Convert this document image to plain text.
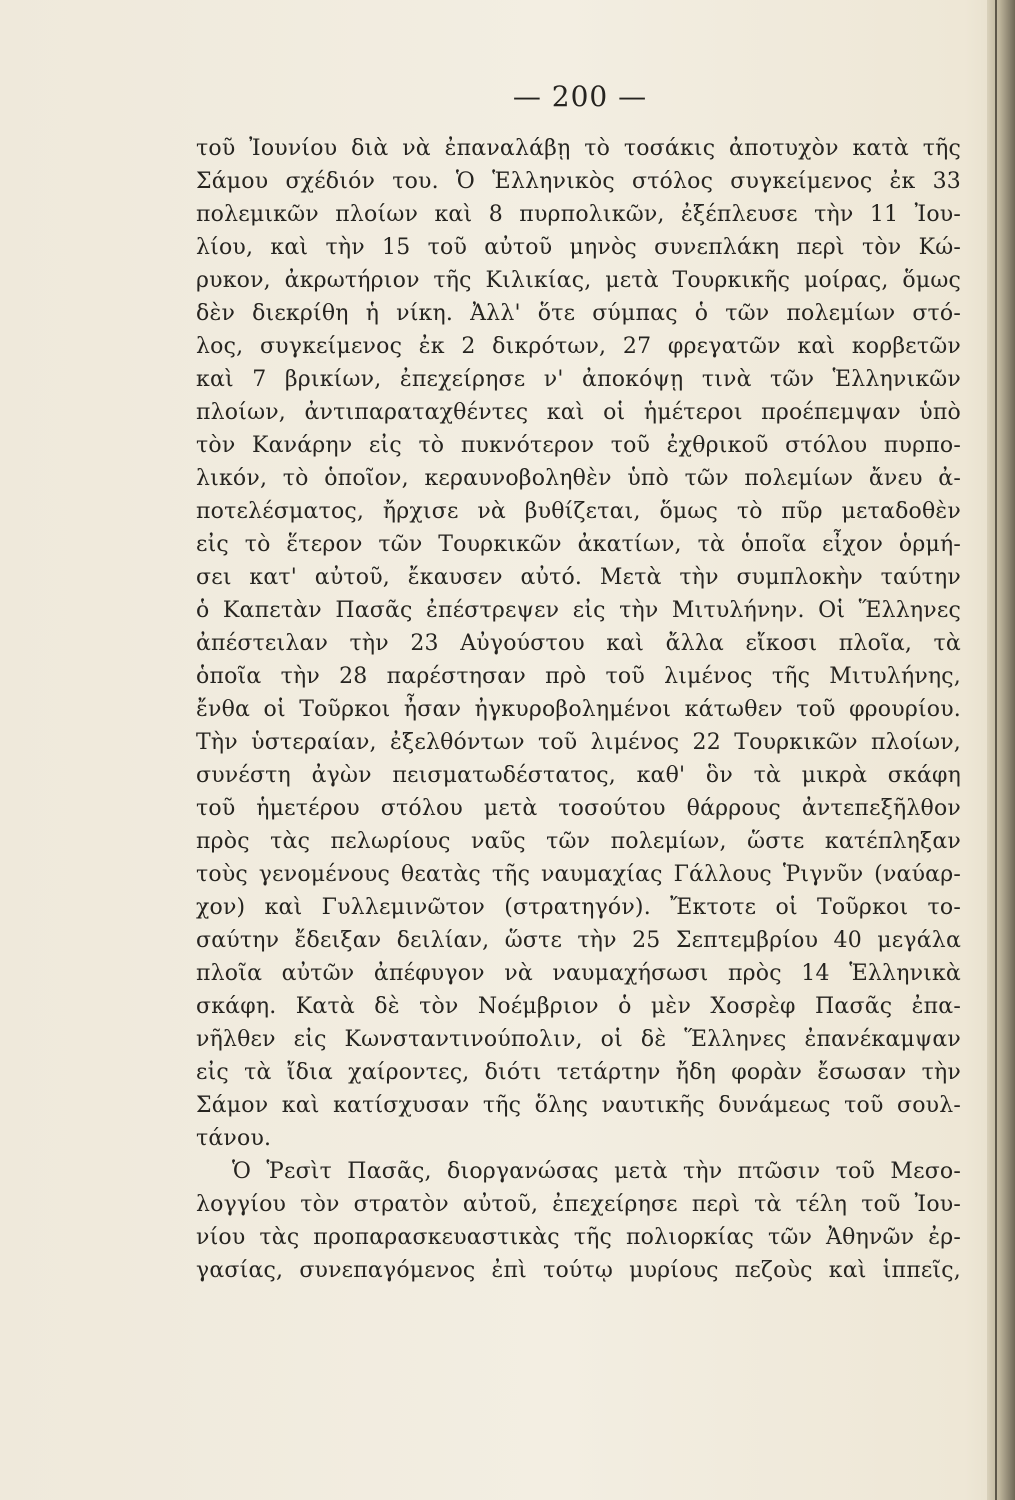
— 200 —
τοῦ Ἰουνίου διὰ νὰ ἐπαναλάβῃ τὸ τοσάκις ἀποτυχὸν κατὰ τῆς
Σάμου σχέδιόν του. Ὁ Ἑλληνικὸς στόλος συγκείμενος ἐκ 33
πολεμικῶν πλοίων καὶ 8 πυρπολικῶν, ἐξέπλευσε τὴν 11 Ἰου-
λίου, καὶ τὴν 15 τοῦ αὐτοῦ μηνὸς συνεπλάκη περὶ τὸν Κώ-
ρυκον, ἀκρωτήριον τῆς Κιλικίας, μετὰ Τουρκικῆς μοίρας, ὅμως
δὲν διεκρίθη ἡ νίκη. Ἀλλ' ὅτε σύμπας ὁ τῶν πολεμίων στό-
λος, συγκείμενος ἐκ 2 δικρότων, 27 φρεγατῶν καὶ κορβετῶν
καὶ 7 βρικίων, ἐπεχείρησε ν' ἀποκόψῃ τινὰ τῶν Ἑλληνικῶν
πλοίων, ἀντιπαραταχθέντες καὶ οἱ ἡμέτεροι προέπεμψαν ὑπὸ
τὸν Κανάρην εἰς τὸ πυκνότερον τοῦ ἐχθρικοῦ στόλου πυρπο-
λικόν, τὸ ὁποῖον, κεραυνοβοληθὲν ὑπὸ τῶν πολεμίων ἄνευ ἀ-
ποτελέσματος, ἤρχισε νὰ βυθίζεται, ὅμως τὸ πῦρ μεταδοθὲν
εἰς τὸ ἕτερον τῶν Τουρκικῶν ἀκατίων, τὰ ὁποῖα εἶχον ὁρμή-
σει κατ' αὐτοῦ, ἔκαυσεν αὐτό. Μετὰ τὴν συμπλοκὴν ταύτην
ὁ Καπετὰν Πασᾶς ἐπέστρεψεν εἰς τὴν Μιτυλήνην. Οἱ Ἕλληνες
ἀπέστειλαν τὴν 23 Αὐγούστου καὶ ἄλλα εἴκοσι πλοῖα, τὰ
ὁποῖα τὴν 28 παρέστησαν πρὸ τοῦ λιμένος τῆς Μιτυλήνης,
ἔνθα οἱ Τοῦρκοι ἦσαν ἠγκυροβολημένοι κάτωθεν τοῦ φρουρίου.
Τὴν ὑστεραίαν, ἐξελθόντων τοῦ λιμένος 22 Τουρκικῶν πλοίων,
συνέστη ἀγὼν πεισματωδέστατος, καθ' ὃν τὰ μικρὰ σκάφη
τοῦ ἡμετέρου στόλου μετὰ τοσούτου θάρρους ἀντεπεξῆλθον
πρὸς τὰς πελωρίους ναῦς τῶν πολεμίων, ὥστε κατέπληξαν
τοὺς γενομένους θεατὰς τῆς ναυμαχίας Γάλλους Ῥιγνῦν (ναύαρ-
χον) καὶ Γυλλεμινῶτον (στρατηγόν). Ἔκτοτε οἱ Τοῦρκοι το-
σαύτην ἔδειξαν δειλίαν, ὥστε τὴν 25 Σεπτεμβρίου 40 μεγάλα
πλοῖα αὐτῶν ἀπέφυγον νὰ ναυμαχήσωσι πρὸς 14 Ἑλληνικὰ
σκάφη. Κατὰ δὲ τὸν Νοέμβριον ὁ μὲν Χοσρὲφ Πασᾶς ἐπα-
νῆλθεν εἰς Κωνσταντινούπολιν, οἱ δὲ Ἕλληνες ἐπανέκαμψαν
εἰς τὰ ἴδια χαίροντες, διότι τετάρτην ἤδη φορὰν ἔσωσαν τὴν
Σάμον καὶ κατίσχυσαν τῆς ὅλης ναυτικῆς δυνάμεως τοῦ σουλ-
τάνου.
Ὁ Ῥεσὶτ Πασᾶς, διοργανώσας μετὰ τὴν πτῶσιν τοῦ Μεσο-
λογγίου τὸν στρατὸν αὐτοῦ, ἐπεχείρησε περὶ τὰ τέλη τοῦ Ἰου-
νίου τὰς προπαρασκευαστικὰς τῆς πολιορκίας τῶν Ἀθηνῶν ἐρ-
γασίας, συνεπαγόμενος ἐπὶ τούτῳ μυρίους πεζοὺς καὶ ἱππεῖς,
